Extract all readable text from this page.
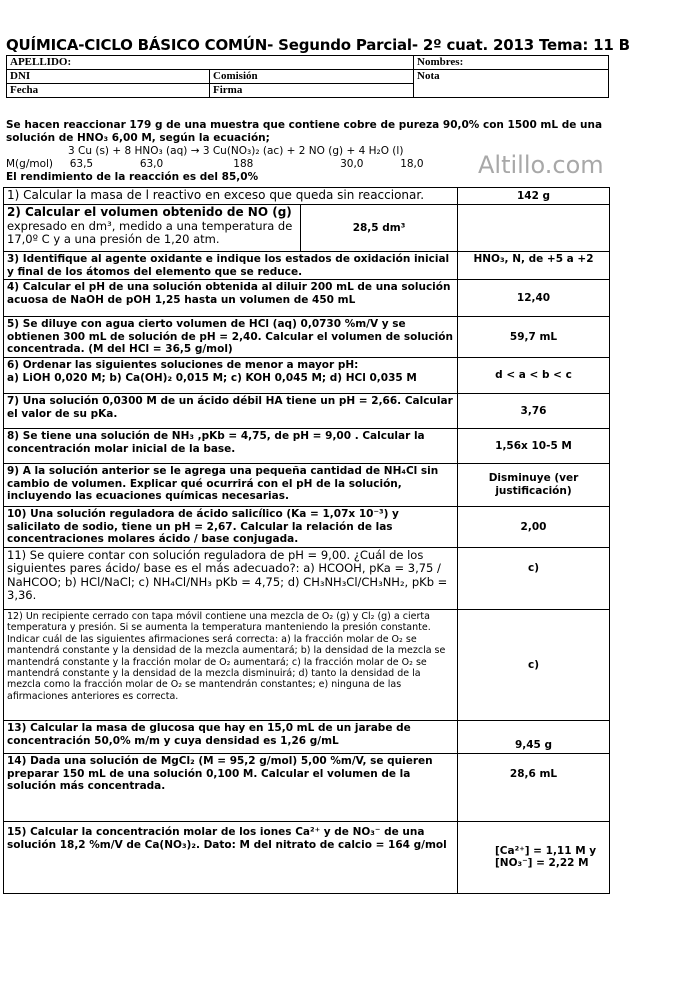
QUÍMICA-CICLO BÁSICO COMÚN- Segundo Parcial- 2º cuat. 2013 Tema: 11 B
APELLIDO:		Nombres:
DNI	Comisión	Nota
Fecha	Firma	
Se hacen reaccionar 179 g de una muestra que contiene cobre de pureza 90,0% con 1500 mL de una
solución de HNO₃ 6,00 M, según la ecuación;
3 Cu (s) + 8 HNO₃ (aq) → 3 Cu(NO₃)₂ (ac) + 2 NO (g) + 4 H₂O (l)
M(g/mol)     63,5              63,0                     188                          30,0           18,0
El rendimiento de la reacción es del 85,0%	Altillo.com
1) Calcular la masa de l reactivo en exceso que queda sin reaccionar.	142 g

2) Calcular el volumen obtenido de NO (g)
expresado en dm³, medido a una temperatura de 17,0º C y a una presión de 1,20 atm.
	28,5 dm³

3) Identifique al agente oxidante e indique los estados de oxidación inicial y final de los átomos del elemento que se reduce.	HNO₃, N, de +5 a +2
4) Calcular el pH de una solución obtenida al diluir 200 mL de una solución acuosa de NaOH de pOH 1,25 hasta un volumen de 450 mL	12,40
5) Se diluye con agua cierto volumen de HCl (aq) 0,0730 %m/V y se obtienen 300 mL de solución de pH = 2,40. Calcular el volumen de solución concentrada. (M del HCl = 36,5 g/mol)	59,7 mL

6) Ordenar las siguientes soluciones de menor a mayor pH:
a) LiOH 0,020 M; b) Ca(OH)₂ 0,015 M; c) KOH 0,045 M; d) HCl 0,035 M	d < a < b < c
7) Una solución 0,0300 M de un ácido débil HA tiene un pH = 2,66. Calcular el valor de su pKa.	3,76
8) Se tiene una solución de NH₃ ,pKb = 4,75, de pH = 9,00 . Calcular la concentración molar inicial de la base.	1,56x 10-5 M
9) A la solución anterior se le agrega una pequeña cantidad de NH₄Cl sin cambio de volumen. Explicar qué ocurrirá con el pH de la solución, incluyendo las ecuaciones químicas necesarias.	Disminuye (ver justificación)
10) Una solución reguladora de ácido salicílico (Ka = 1,07x 10⁻³) y salicilato de sodio, tiene un pH = 2,67. Calcular la relación de las concentraciones molares ácido / base conjugada.	2,00

11) Se quiere contar con solución reguladora de pH = 9,00. ¿Cuál de los
siguientes pares ácido/ base es el más adecuado?: a) HCOOH, pKa = 3,75 / NaHCOO; b) HCl/NaCl; c) NH₄Cl/NH₃ pKb = 4,75; d) CH₃NH₃Cl/CH₃NH₂, pKb = 3,36.
	c)
12) Un recipiente cerrado con tapa móvil contiene una mezcla de O₂ (g) y Cl₂ (g) a cierta temperatura y presión. Si se aumenta la temperatura manteniendo la presión constante. Indicar cuál de las siguientes afirmaciones será correcta: a) la fracción molar de O₂ se mantendrá constante y la densidad de la mezcla aumentará; b) la densidad de la mezcla se mantendrá constante y la fracción molar de O₂ aumentará; c) la fracción molar de O₂ se mantendrá constante y la densidad de la mezcla disminuirá; d) tanto la densidad de la mezcla como la fracción molar de O₂ se mantendrán constantes; e) ninguna de las afirmaciones anteriores es correcta.	c)
13) Calcular la masa de glucosa que hay en 15,0 mL de un jarabe de concentración 50,0% m/m y cuya densidad es 1,26 g/mL	9,45 g
14) Dada una solución de MgCl₂ (M = 95,2 g/mol) 5,00 %m/V, se quieren preparar 150 mL de una solución 0,100 M. Calcular el volumen de la solución más concentrada.	28,6 mL
15) Calcular la concentración molar de los iones Ca²⁺ y de NO₃⁻ de una solución 18,2 %m/V de Ca(NO₃)₂. Dato: M del nitrato de calcio = 164 g/mol	
[Ca²⁺] = 1,11 M y
[NO₃⁻] = 2,22 M
